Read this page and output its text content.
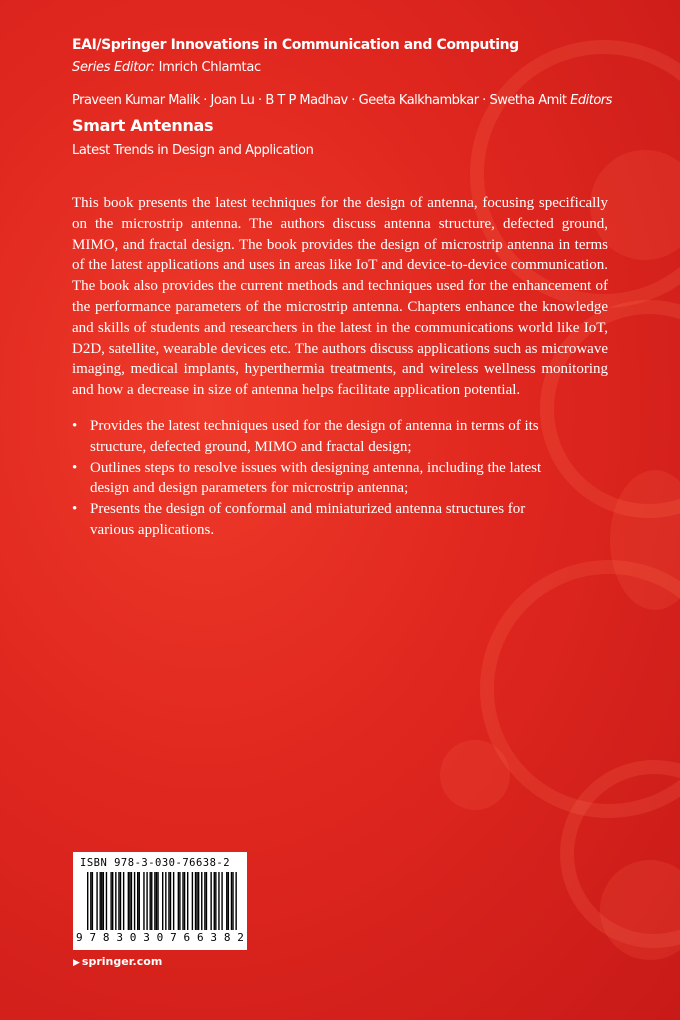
EAI/Springer Innovations in Communication and Computing
Series Editor: Imrich Chlamtac
Praveen Kumar Malik · Joan Lu · B T P Madhav · Geeta Kalkhambkar · Swetha Amit Editors
Smart Antennas
Latest Trends in Design and Application

This book presents the latest techniques for the design of antenna, focusing specifically on the microstrip antenna. The authors discuss antenna structure, defected ground, MIMO, and fractal design. The book provides the design of microstrip antenna in terms of the latest applications and uses in areas like IoT and device-to-device communication. The book also provides the current methods and techniques used for the enhancement of the performance parameters of the microstrip antenna. Chapters enhance the knowledge and skills of students and researchers in the latest in the communications world like IoT, D2D, satellite, wearable devices etc. The authors discuss applications such as microwave imaging, medical implants, hyperthermia treatments, and wireless wellness monitoring and how a decrease in size of antenna helps facilitate application potential.

• Provides the latest techniques used for the design of antenna in terms of its structure, defected ground, MIMO and fractal design;
• Outlines steps to resolve issues with designing antenna, including the latest design and design parameters for microstrip antenna;
• Presents the design of conformal and miniaturized antenna structures for various applications.
ISBN 978-3-030-76638-2
9 7 8 3 0 3 0 7 6 6 3 8 2
▶ springer.com
